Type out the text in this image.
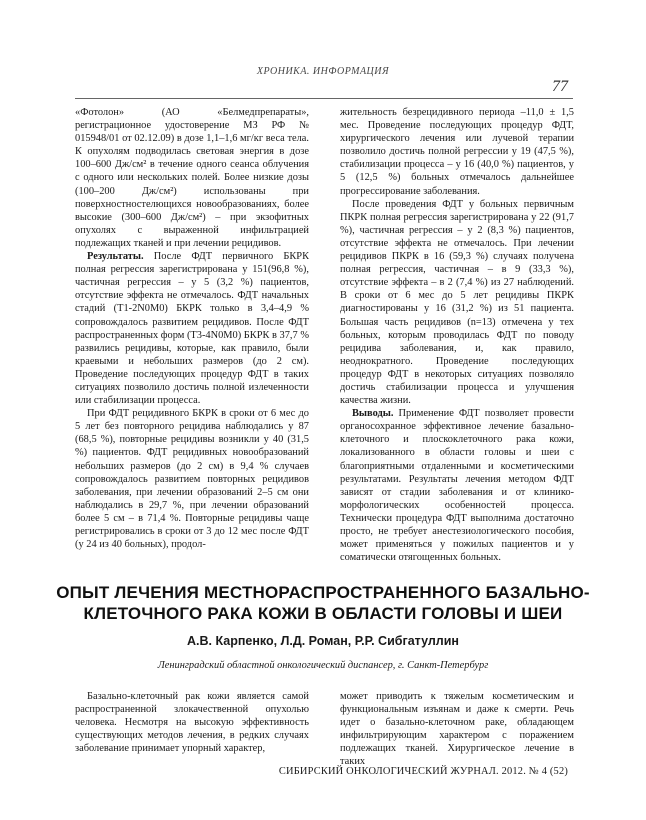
ХРОНИКА. ИНФОРМАЦИЯ
77

«Фотолон» (АО «Белмедпрепараты», регистрационное удостоверение МЗ РФ № 015948/01 от 02.12.09) в дозе 1,1–1,6 мг/кг веса тела. К опухолям подводилась световая энергия в дозе 100–600 Дж/см² в течение одного сеанса облучения с одного или нескольких полей. Более низкие дозы (100–200 Дж/см²) использованы при поверхностностелющихся новообразованиях, более высокие (300–600 Дж/см²) – при экзофитных опухолях с выраженной инфильтрацией подлежащих тканей и при лечении рецидивов.

Результаты. После ФДТ первичного БКРК полная регрессия зарегистрирована у 151(96,8 %), частичная регрессия – у 5 (3,2 %) пациентов, отсутствие эффекта не отмечалось. ФДТ начальных стадий (T1-2N0M0) БКРК только в 3,4–4,9 % сопровождалось развитием рецидивов. После ФДТ распространенных форм (T3-4N0M0) БКРК в 37,7 % развились рецидивы, которые, как правило, были краевыми и небольших размеров (до 2 см). Проведение последующих процедур ФДТ в таких ситуациях позволило достичь полной излеченности или стабилизации процесса.

При ФДТ рецидивного БКРК в сроки от 6 мес до 5 лет без повторного рецидива наблюдались у 87 (68,5 %), повторные рецидивы возникли у 40 (31,5 %) пациентов. ФДТ рецидивных новообразований небольших размеров (до 2 см) в 9,4 % случаев сопровождалось развитием повторных рецидивов заболевания, при лечении образований 2–5 см они наблюдались в 29,7 %, при лечении образований более 5 см – в 71,4 %. Повторные рецидивы чаще регистрировались в сроки от 3 до 12 мес после ФДТ (у 24 из 40 больных), продол-

жительность безрецидивного периода –11,0 ± 1,5 мес. Проведение последующих процедур ФДТ, хирургического лечения или лучевой терапии позволило достичь полной регрессии у 19 (47,5 %), стабилизации процесса – у 16 (40,0 %) пациентов, у 5 (12,5 %) больных отмечалось дальнейшее прогрессирование заболевания.

После проведения ФДТ у больных первичным ПКРК полная регрессия зарегистрирована у 22 (91,7 %), частичная регрессия – у 2 (8,3 %) пациентов, отсутствие эффекта не отмечалось. При лечении рецидивов ПКРК в 16 (59,3 %) случаях получена полная регрессия, частичная – в 9 (33,3 %), отсутствие эффекта – в 2 (7,4 %) из 27 наблюдений. В сроки от 6 мес до 5 лет рецидивы ПКРК диагностированы у 16 (31,2 %) из 51 пациента. Большая часть рецидивов (n=13) отмечена у тех больных, которым проводилась ФДТ по поводу рецидива заболевания, и, как правило, неоднократного. Проведение последующих процедур ФДТ в некоторых ситуациях позволяло достичь стабилизации процесса и улучшения качества жизни.

Выводы. Применение ФДТ позволяет провести органосохранное эффективное лечение базально-клеточного и плоскоклеточного рака кожи, локализованного в области головы и шеи с благоприятными отдаленными и косметическими результатами. Результаты лечения методом ФДТ зависят от стадии заболевания и от клинико-морфологических особенностей процесса. Технически процедура ФДТ выполнима достаточно просто, не требует анестезиологического пособия, может применяться у пожилых пациентов и у соматически отягощенных больных.

ОПЫТ ЛЕЧЕНИЯ МЕСТНОРАСПРОСТРАНЕННОГО БАЗАЛЬНО-КЛЕТОЧНОГО РАКА КОЖИ В ОБЛАСТИ ГОЛОВЫ И ШЕИ
А.В. Карпенко, Л.Д. Роман, Р.Р. Сибгатуллин
Ленинградский областной онкологический диспансер, г. Санкт-Петербург

Базально-клеточный рак кожи является самой распространенной злокачественной опухолью человека. Несмотря на высокую эффективность существующих методов лечения, в редких случаях заболевание принимает упорный характер,

может приводить к тяжелым косметическим и функциональным изъянам и даже к смерти. Речь идет о базально-клеточном раке, обладающем инфильтрирующим характером с поражением подлежащих тканей. Хирургическое лечение в таких

СИБИРСКИЙ ОНКОЛОГИЧЕСКИЙ ЖУРНАЛ. 2012. № 4 (52)
